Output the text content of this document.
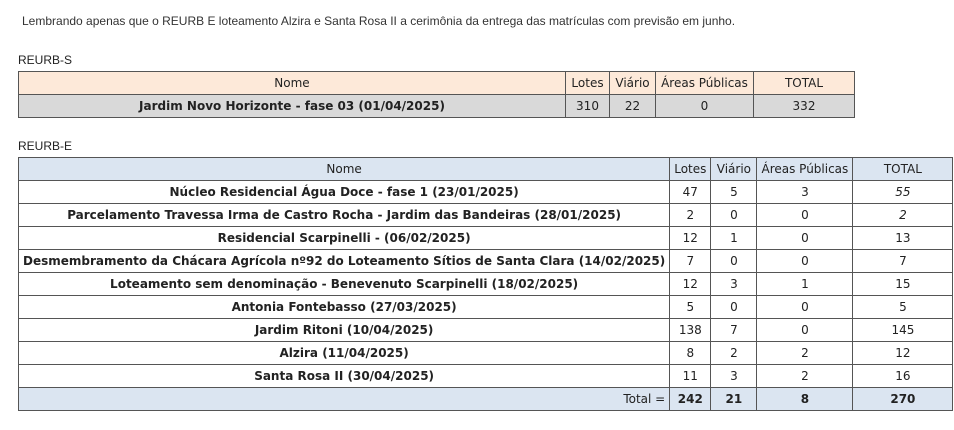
Lembrando apenas que o REURB E loteamento Alzira e Santa Rosa II a cerimônia da entrega das matrículas com previsão em junho.
REURB-S
Nome	Lotes	Viário	Áreas Públicas	TOTAL
Jardim Novo Horizonte - fase 03 (01/04/2025)	310	22	0	332
REURB-E
Nome	Lotes	Viário	Áreas Públicas	TOTAL
Núcleo Residencial Água Doce - fase 1 (23/01/2025)	47	5	3	55
Parcelamento Travessa Irma de Castro Rocha - Jardim das Bandeiras (28/01/2025)	2	0	0	2
Residencial Scarpinelli - (06/02/2025)	12	1	0	13
Desmembramento da Chácara Agrícola nº92 do Loteamento Sítios de Santa Clara (14/02/2025)	7	0	0	7
Loteamento sem denominação - Benevenuto Scarpinelli (18/02/2025)	12	3	1	15
Antonia Fontebasso (27/03/2025)	5	0	0	5
Jardim Ritoni (10/04/2025)	138	7	0	145
Alzira (11/04/2025)	8	2	2	12
Santa Rosa II (30/04/2025)	11	3	2	16
Total =	242	21	8	270
